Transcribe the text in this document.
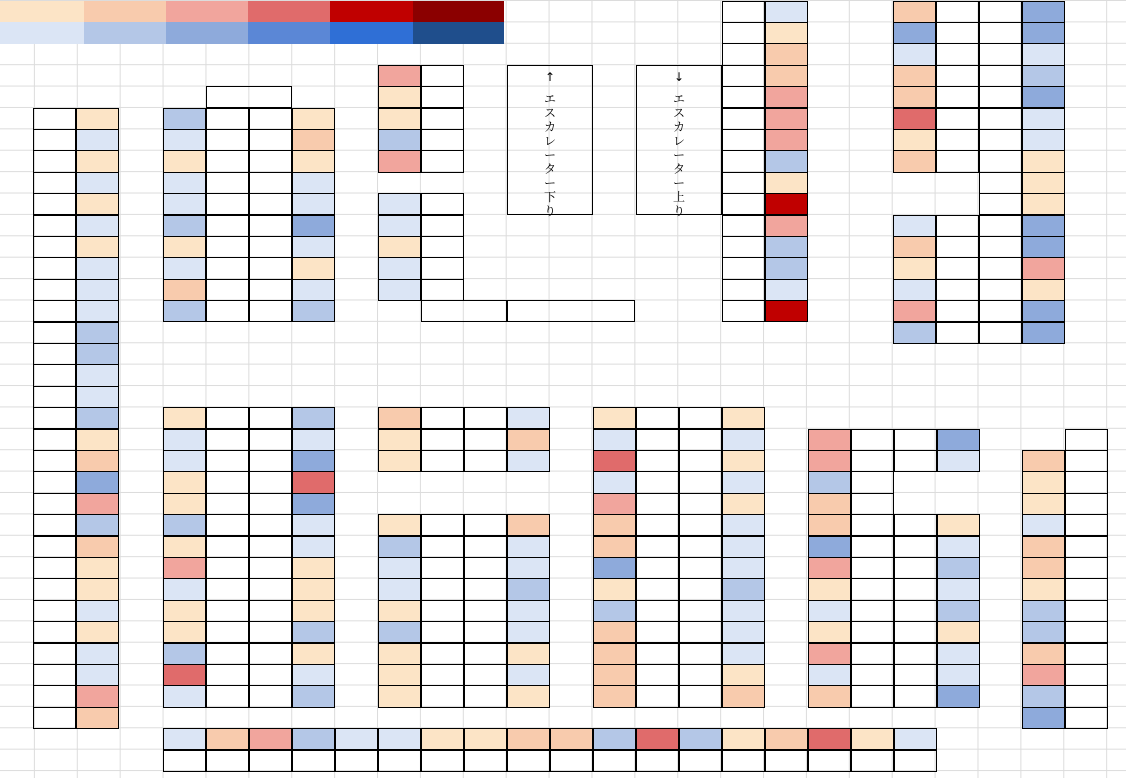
↑
エ
ス
カ
レ
ー
タ
ー
下
り
↓
エ
ス
カ
レ
ー
タ
ー
上
り
